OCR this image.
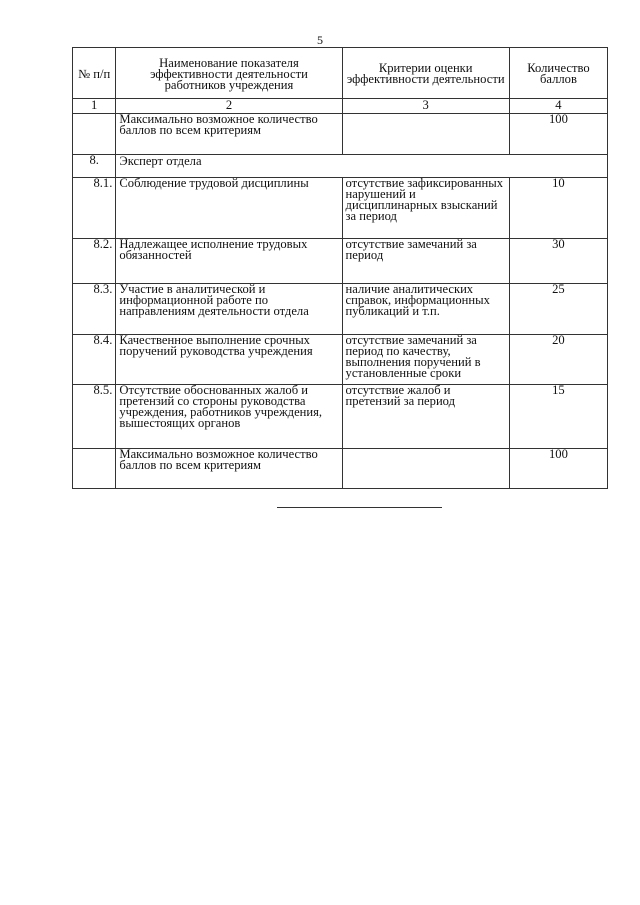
5
№ п/п	Наименование показателя эффективности деятельности работников учреждения	Критерии оценки эффективности деятельности	Количество баллов
1	2	3	4
	Максимально возможное количество баллов по всем критериям		100
8.	Эксперт отдела		
8.1.	Соблюдение трудовой дисциплины	отсутствие зафиксированных нарушений и дисциплинарных взысканий за период	10
8.2.	Надлежащее исполнение трудовых обязанностей	отсутствие замечаний за период	30
8.3.	Участие в аналитической и информационной работе по направлениям деятельности отдела	наличие аналитических справок, информационных публикаций и т.п.	25
8.4.	Качественное выполнение срочных поручений руководства учреждения	отсутствие замечаний за период по качеству, выполнения поручений в установленные сроки	20
8.5.	Отсутствие обоснованных жалоб и претензий со стороны руководства учреждения, работников учреждения, вышестоящих органов	отсутствие жалоб и претензий за период	15
	Максимально возможное количество баллов по всем критериям		100
